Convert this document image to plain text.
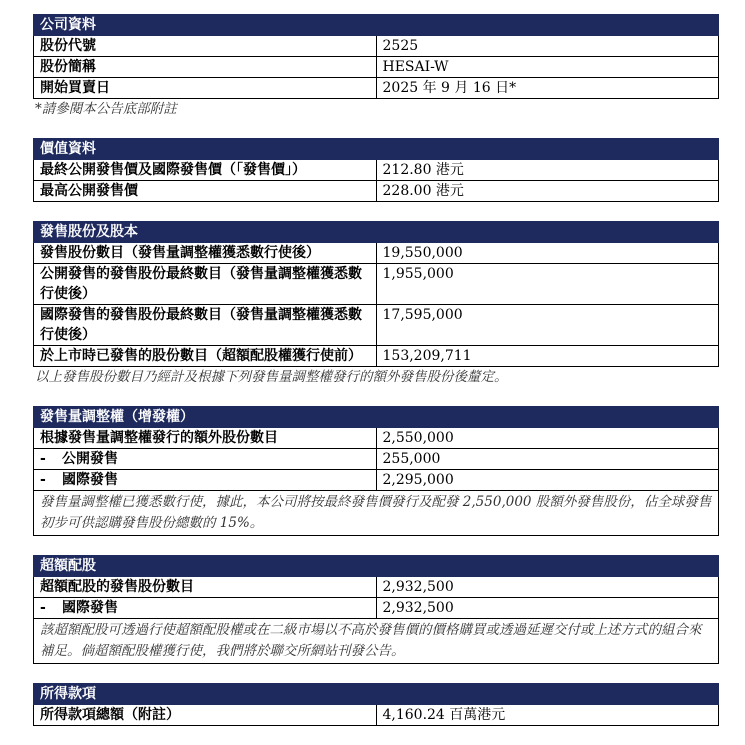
公司資料	
股份代號	2525
股份簡稱	HESAI-W
開始買賣日	2025 年 9 月 16 日*
*請參閱本公告底部附註
價值資料	
最終公開發售價及國際發售價（「發售價」）	212.80 港元
最高公開發售價	228.00 港元
發售股份及股本	
發售股份數目（發售量調整權獲悉數行使後）	19,550,000
公開發售的發售股份最終數目（發售量調整權獲悉數行使後）	1,955,000
國際發售的發售股份最終數目（發售量調整權獲悉數行使後）	17,595,000
於上市時已發售的股份數目（超額配股權獲行使前）	153,209,711
以上發售股份數目乃經計及根據下列發售量調整權發行的額外發售股份後釐定。
發售量調整權（增發權）	
根據發售量調整權發行的額外股份數目	2,550,000
- 公開發售	255,000
- 國際發售	2,295,000
發售量調整權已獲悉數行使，據此，本公司將按最終發售價發行及配發 2,550,000 股額外發售股份，佔全球發售初步可供認購發售股份總數的 15%。	
超額配股	
超額配股的發售股份數目	2,932,500
- 國際發售	2,932,500
該超額配股可透過行使超額配股權或在二級市場以不高於發售價的價格購買或透過延遲交付或上述方式的組合來補足。倘超額配股權獲行使，我們將於聯交所網站刊發公告。	
所得款項
所得款項總額（附註）	4,160.24 百萬港元
